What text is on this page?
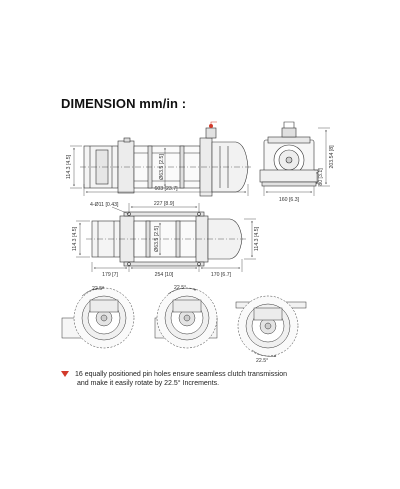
DIMENSION mm/in :
603 [23.7]
114.3 [4.5]	Ø63.5 [2.5]
160 [6.3]
203.54 [8]
80 [3.1]
4-Ø11 [0.43]	227 [8.9]
114.3 [4.5]	114.3 [4.5]
Ø63.5 [2.5]
179 [7]	254 [10]	170 [6.7]
22.5°	22.5°
22.5°
16 equally positioned pin holes ensure seamless clutch transmission
and make it easily rotate by 22.5° Increments.
